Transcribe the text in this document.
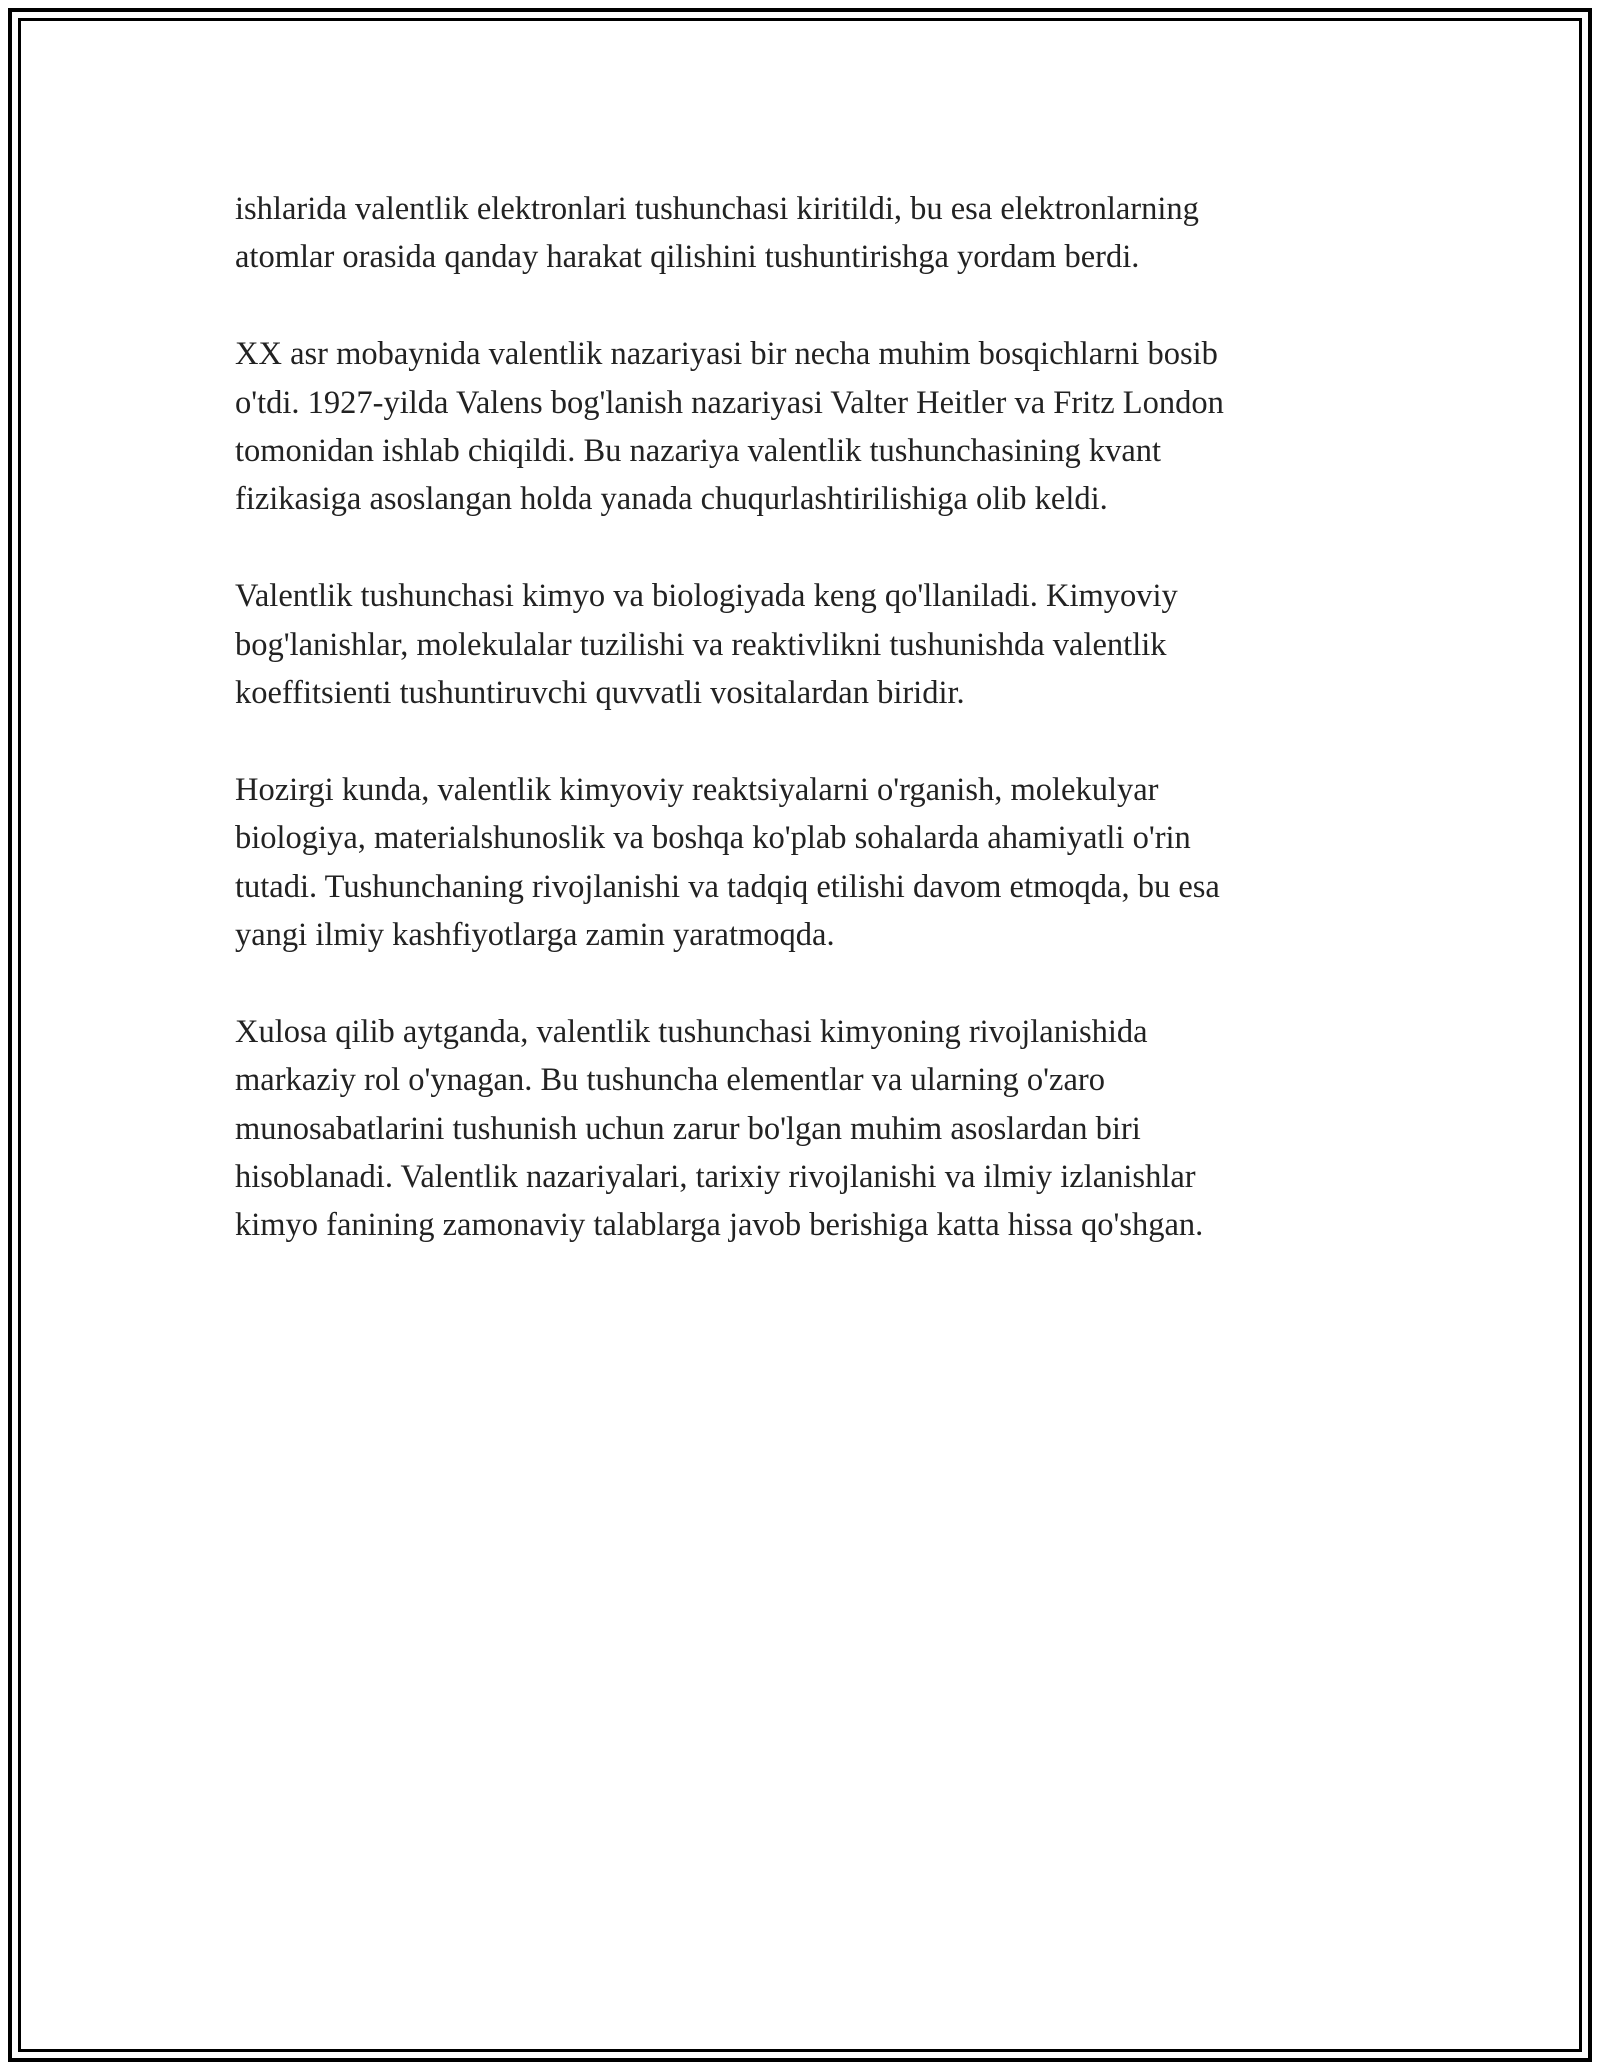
ishlarida valentlik elektronlari tushunchasi kiritildi, bu esa elektronlarning
atomlar orasida qanday harakat qilishini tushuntirishga yordam berdi.

XX asr mobaynida valentlik nazariyasi bir necha muhim bosqichlarni bosib
o'tdi. 1927-yilda Valens bog'lanish nazariyasi Valter Heitler va Fritz London
tomonidan ishlab chiqildi. Bu nazariya valentlik tushunchasining kvant
fizikasiga asoslangan holda yanada chuqurlashtirilishiga olib keldi.

Valentlik tushunchasi kimyo va biologiyada keng qo'llaniladi. Kimyoviy
bog'lanishlar, molekulalar tuzilishi va reaktivlikni tushunishda valentlik
koeffitsienti tushuntiruvchi quvvatli vositalardan biridir.

Hozirgi kunda, valentlik kimyoviy reaktsiyalarni o'rganish, molekulyar
biologiya, materialshunoslik va boshqa ko'plab sohalarda ahamiyatli o'rin
tutadi. Tushunchaning rivojlanishi va tadqiq etilishi davom etmoqda, bu esa
yangi ilmiy kashfiyotlarga zamin yaratmoqda.

Xulosa qilib aytganda, valentlik tushunchasi kimyoning rivojlanishida
markaziy rol o'ynagan. Bu tushuncha elementlar va ularning o'zaro
munosabatlarini tushunish uchun zarur bo'lgan muhim asoslardan biri
hisoblanadi. Valentlik nazariyalari, tarixiy rivojlanishi va ilmiy izlanishlar
kimyo fanining zamonaviy talablarga javob berishiga katta hissa qo'shgan.
